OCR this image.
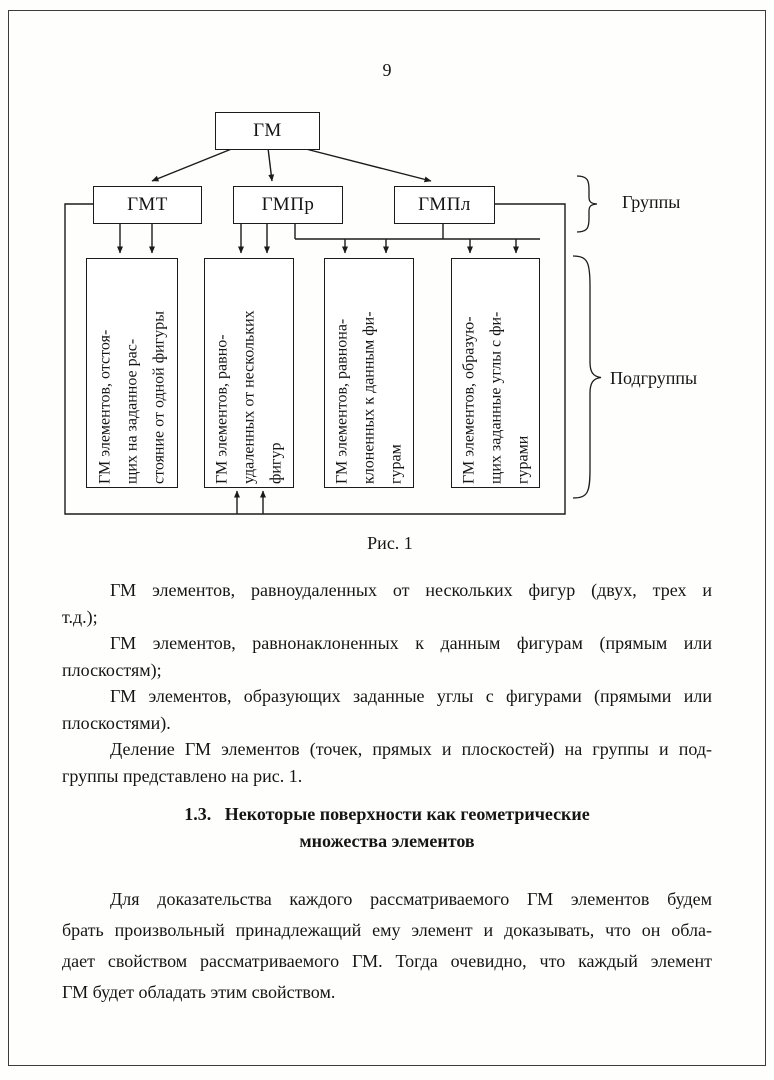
9
ГМ
ГМТ	ГМПр	ГМПл	Группы
ГМ элементов, отстоя- щих на заданное рас- стояние от одной фигуры	ГМ элементов, равно- удаленных от нескольких фигур	ГМ элементов, равнона- клоненных к данным фи- гурам	ГМ элементов, образую- щих заданные углы с фи- гурами
Подгруппы
Рис. 1
ГМ элементов, равноудаленных от нескольких фигур (двух, трех и
т.д.);
ГМ элементов, равнонаклоненных к данным фигурам (прямым или
плоскостям);
ГМ элементов, образующих заданные углы с фигурами (прямыми или
плоскостями).
Деление ГМ элементов (точек, прямых и плоскостей) на группы и под-
группы представлено на рис. 1.
1.3.   Некоторые поверхности как геометрические
множества элементов
Для доказательства каждого рассматриваемого ГМ элементов будем
брать произвольный принадлежащий ему элемент и доказывать, что он обла-
дает свойством рассматриваемого ГМ. Тогда очевидно, что каждый элемент
ГМ будет обладать этим свойством.
